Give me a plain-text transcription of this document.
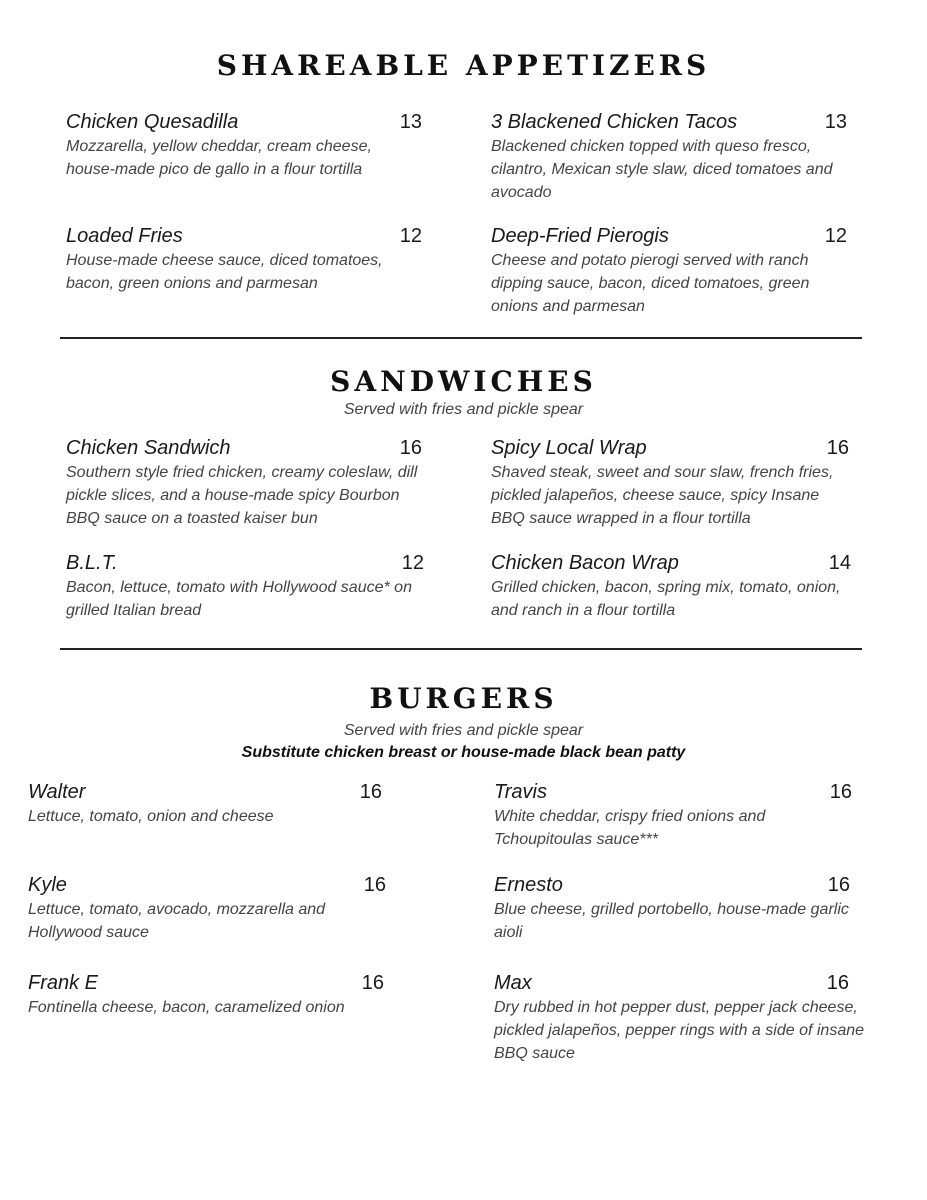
SHAREABLE APPETIZERS
Chicken Quesadilla	13
Mozzarella, yellow cheddar, cream cheese, house-made pico de gallo in a flour tortilla
3 Blackened Chicken Tacos	13
Blackened chicken topped with queso fresco, cilantro, Mexican style slaw, diced tomatoes and avocado
Loaded Fries	12
House-made cheese sauce, diced tomatoes, bacon, green onions and parmesan
Deep-Fried Pierogis	12
Cheese and potato pierogi served with ranch dipping sauce, bacon, diced tomatoes, green onions and parmesan
SANDWICHES
Served with fries and pickle spear
Chicken Sandwich	16
Southern style fried chicken, creamy coleslaw, dill pickle slices, and a house-made spicy Bourbon BBQ sauce on a toasted kaiser bun
Spicy Local Wrap	16
Shaved steak, sweet and sour slaw, french fries, pickled jalapeños, cheese sauce, spicy Insane BBQ sauce wrapped in a flour tortilla
B.L.T.	12
Bacon, lettuce, tomato with Hollywood sauce* on grilled Italian bread
Chicken Bacon Wrap	14
Grilled chicken, bacon, spring mix, tomato, onion, and ranch in a flour tortilla
BURGERS
Served with fries and pickle spear
Substitute chicken breast or house-made black bean patty
Walter	16
Lettuce, tomato, onion and cheese
Travis	16
White cheddar, crispy fried onions and Tchoupitoulas sauce***
Kyle	16
Lettuce, tomato, avocado, mozzarella and Hollywood sauce
Ernesto	16
Blue cheese, grilled portobello, house-made garlic aioli
Frank E	16
Fontinella cheese, bacon, caramelized onion
Max	16
Dry rubbed in hot pepper dust, pepper jack cheese, pickled jalapeños, pepper rings with a side of insane BBQ sauce
